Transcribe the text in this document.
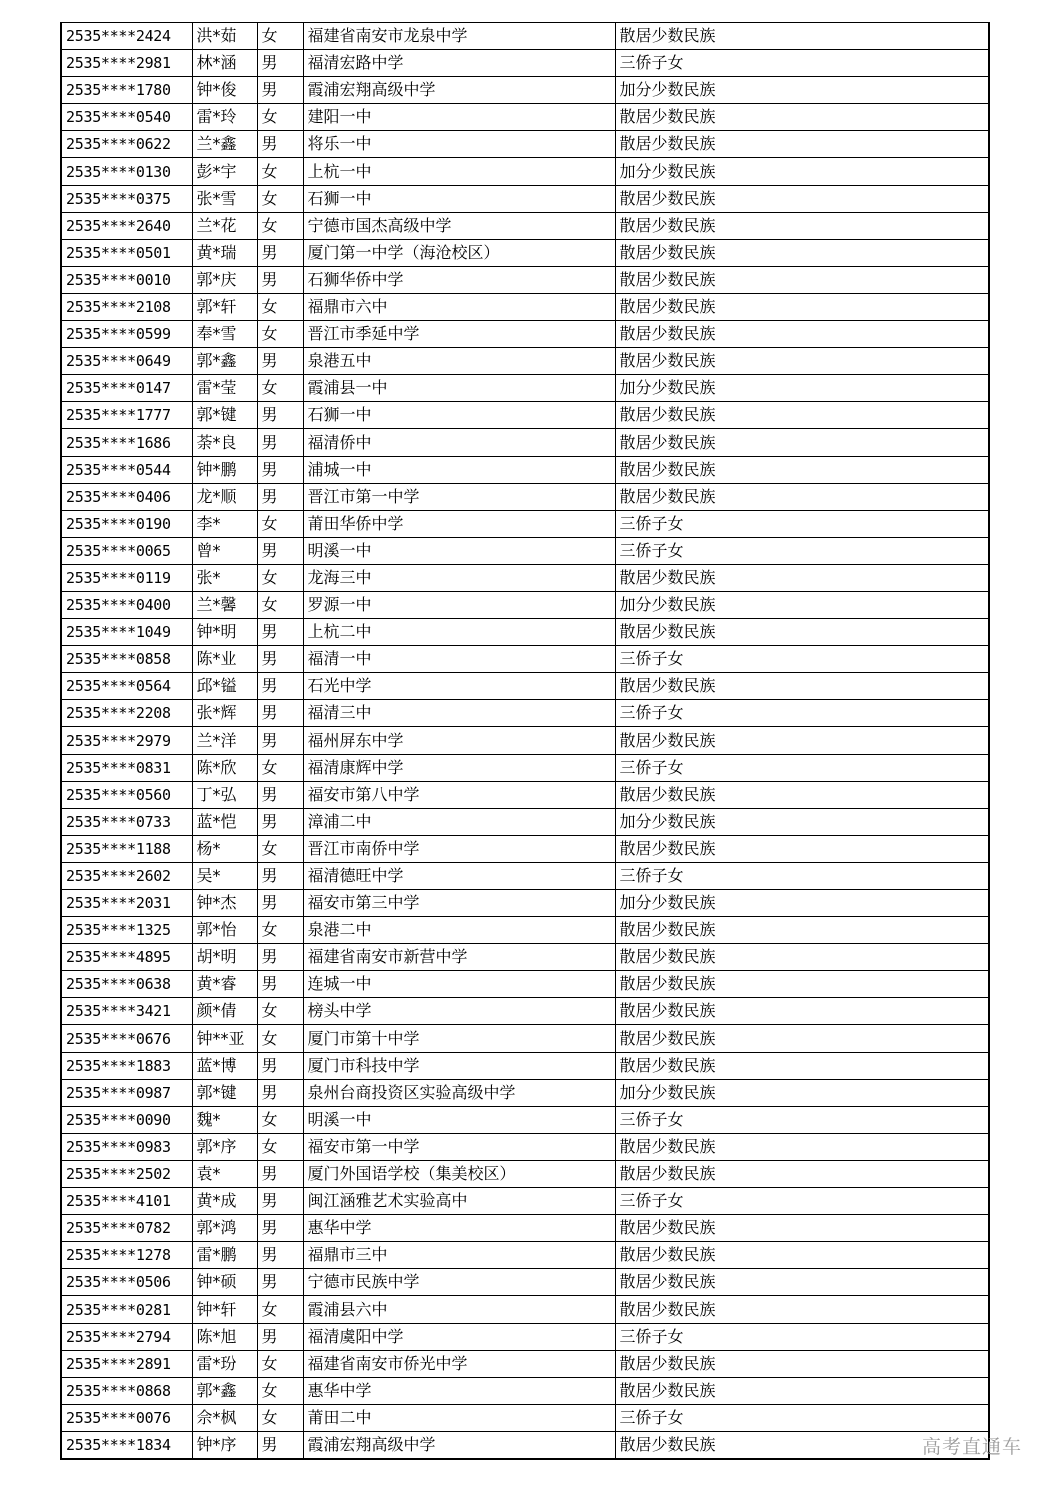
2535****2424	洪*茹	女	福建省南安市龙泉中学	散居少数民族
2535****2981	林*涵	男	福清宏路中学	三侨子女
2535****1780	钟*俊	男	霞浦宏翔高级中学	加分少数民族
2535****0540	雷*玲	女	建阳一中	散居少数民族
2535****0622	兰*鑫	男	将乐一中	散居少数民族
2535****0130	彭*宇	女	上杭一中	加分少数民族
2535****0375	张*雪	女	石狮一中	散居少数民族
2535****2640	兰*花	女	宁德市国杰高级中学	散居少数民族
2535****0501	黄*瑞	男	厦门第一中学（海沧校区）	散居少数民族
2535****0010	郭*庆	男	石狮华侨中学	散居少数民族
2535****2108	郭*轩	女	福鼎市六中	散居少数民族
2535****0599	奉*雪	女	晋江市季延中学	散居少数民族
2535****0649	郭*鑫	男	泉港五中	散居少数民族
2535****0147	雷*莹	女	霞浦县一中	加分少数民族
2535****1777	郭*键	男	石狮一中	散居少数民族
2535****1686	荼*良	男	福清侨中	散居少数民族
2535****0544	钟*鹏	男	浦城一中	散居少数民族
2535****0406	龙*顺	男	晋江市第一中学	散居少数民族
2535****0190	李*	女	莆田华侨中学	三侨子女
2535****0065	曾*	男	明溪一中	三侨子女
2535****0119	张*	女	龙海三中	散居少数民族
2535****0400	兰*馨	女	罗源一中	加分少数民族
2535****1049	钟*明	男	上杭二中	散居少数民族
2535****0858	陈*业	男	福清一中	三侨子女
2535****0564	邱*镒	男	石光中学	散居少数民族
2535****2208	张*辉	男	福清三中	三侨子女
2535****2979	兰*洋	男	福州屏东中学	散居少数民族
2535****0831	陈*欣	女	福清康辉中学	三侨子女
2535****0560	丁*弘	男	福安市第八中学	散居少数民族
2535****0733	蓝*恺	男	漳浦二中	加分少数民族
2535****1188	杨*	女	晋江市南侨中学	散居少数民族
2535****2602	吴*	男	福清德旺中学	三侨子女
2535****2031	钟*杰	男	福安市第三中学	加分少数民族
2535****1325	郭*怡	女	泉港二中	散居少数民族
2535****4895	胡*明	男	福建省南安市新营中学	散居少数民族
2535****0638	黄*睿	男	连城一中	散居少数民族
2535****3421	颜*倩	女	榜头中学	散居少数民族
2535****0676	钟**亚	女	厦门市第十中学	散居少数民族
2535****1883	蓝*博	男	厦门市科技中学	散居少数民族
2535****0987	郭*键	男	泉州台商投资区实验高级中学	加分少数民族
2535****0090	魏*	女	明溪一中	三侨子女
2535****0983	郭*序	女	福安市第一中学	散居少数民族
2535****2502	袁*	男	厦门外国语学校（集美校区）	散居少数民族
2535****4101	黄*成	男	闽江涵雅艺术实验高中	三侨子女
2535****0782	郭*鸿	男	惠华中学	散居少数民族
2535****1278	雷*鹏	男	福鼎市三中	散居少数民族
2535****0506	钟*硕	男	宁德市民族中学	散居少数民族
2535****0281	钟*轩	女	霞浦县六中	散居少数民族
2535****2794	陈*旭	男	福清虞阳中学	三侨子女
2535****2891	雷*玢	女	福建省南安市侨光中学	散居少数民族
2535****0868	郭*鑫	女	惠华中学	散居少数民族
2535****0076	佘*枫	女	莆田二中	三侨子女
2535****1834	钟*序	男	霞浦宏翔高级中学	散居少数民族	高考直通车
